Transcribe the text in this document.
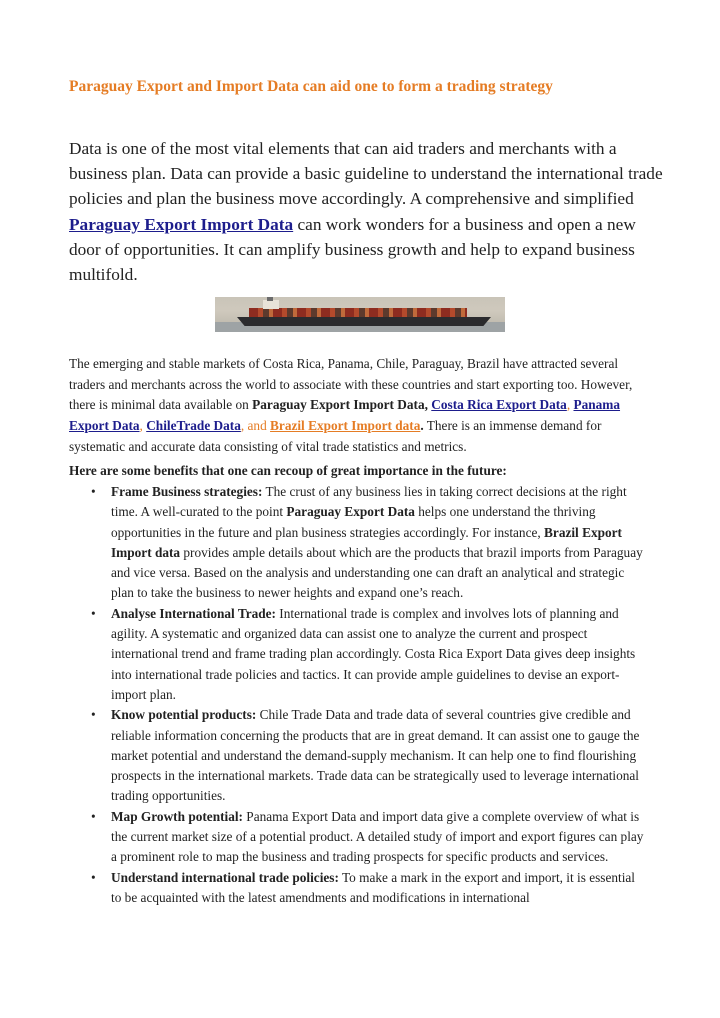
Paraguay Export and Import Data can aid one to form a trading strategy

Data is one of the most vital elements that can aid traders and merchants with a business plan. Data can provide a basic guideline to understand the international trade policies and plan the business move accordingly. A comprehensive and simplified Paraguay Export Import Data can work wonders for a business and open a new door of opportunities. It can amplify business growth and help to expand business multifold.

The emerging and stable markets of Costa Rica, Panama, Chile, Paraguay, Brazil have attracted several traders and merchants across the world to associate with these countries and start exporting too. However, there is minimal data available on Paraguay Export Import Data, Costa Rica Export Data, Panama Export Data, ChileTrade Data, and Brazil Export Import data. There is an immense demand for systematic and accurate data consisting of vital trade statistics and metrics.

Here are some benefits that one can recoup of great importance in the future:

• Frame Business strategies: The crust of any business lies in taking correct decisions at the right time. A well-curated to the point Paraguay Export Data helps one understand the thriving opportunities in the future and plan business strategies accordingly. For instance, Brazil Export Import data provides ample details about which are the products that brazil imports from Paraguay and vice versa. Based on the analysis and understanding one can draft an analytical and strategic plan to take the business to newer heights and expand one’s reach.
• Analyse International Trade: International trade is complex and involves lots of planning and agility. A systematic and organized data can assist one to analyze the current and prospect international trend and frame trading plan accordingly. Costa Rica Export Data gives deep insights into international trade policies and tactics. It can provide ample guidelines to devise an export-import plan.
• Know potential products: Chile Trade Data and trade data of several countries give credible and reliable information concerning the products that are in great demand. It can assist one to gauge the market potential and understand the demand-supply mechanism. It can help one to find flourishing prospects in the international markets. Trade data can be strategically used to leverage international trading opportunities.
• Map Growth potential: Panama Export Data and import data give a complete overview of what is the current market size of a potential product. A detailed study of import and export figures can play a prominent role to map the business and trading prospects for specific products and services.
• Understand international trade policies: To make a mark in the export and import, it is essential to be acquainted with the latest amendments and modifications in international
